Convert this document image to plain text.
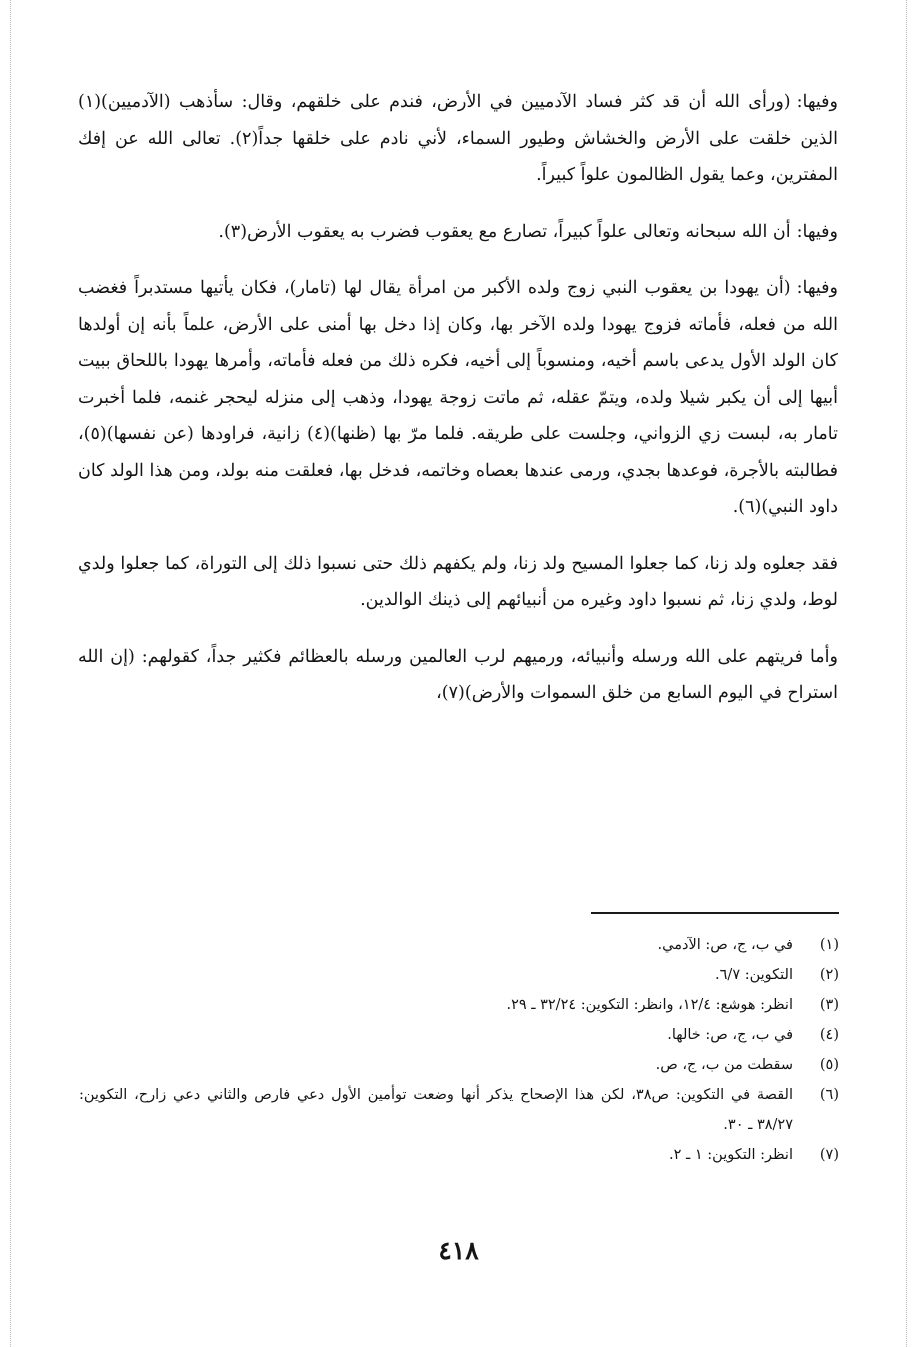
وفيها:(ورأى الله أن قد كثر فساد الآدميين في الأرض، فندم على خلقهم، وقال: سأذهب (الآدميين)(١) الذين خلقت على الأرض والخشاش وطيور السماء، لأني نادم على خلقها جداً(٢). تعالى الله عن إفك المفترين، وعما يقول الظالمون علواً كبيراً.

وفيها:أن الله سبحانه وتعالى علواً كبيراً، تصارع مع يعقوب فضرب به يعقوب الأرض(٣).

وفيها:(أن يهودا بن يعقوب النبي زوج ولده الأكبر من امرأة يقال لها (تامار)، فكان يأتيها مستدبراً فغضب الله من فعله، فأماته فزوج يهودا ولده الآخر بها، وكان إذا دخل بها أمنى على الأرض، علماً بأنه إن أولدها كان الولد الأول يدعى باسم أخيه، ومنسوباً إلى أخيه، فكره ذلك من فعله فأماته، وأمرها يهودا باللحاق ببيت أبيها إلى أن يكبر شيلا ولده، ويتمّ عقله، ثم ماتت زوجة يهودا، وذهب إلى منزله ليحجر غنمه، فلما أخبرت تامار به، لبست زي الزواني، وجلست على طريقه. فلما مرّ بها (ظنها)(٤) زانية، فراودها (عن نفسها)(٥)، فطالبته بالأجرة، فوعدها بجدي، ورمى عندها بعصاه وخاتمه، فدخل بها، فعلقت منه بولد، ومن هذا الولد كان داود النبي)(٦).

فقد جعلوه ولد زنا، كما جعلوا المسيح ولد زنا، ولم يكفهم ذلك حتى نسبوا ذلك إلى التوراة، كما جعلوا ولدي لوط، ولدي زنا، ثم نسبوا داود وغيره من أنبيائهم إلى ذينك الوالدين.

وأما فريتهم على الله ورسله وأنبيائه، ورميهم لرب العالمين ورسله بالعظائم فكثير جداً، كقولهم: (إن الله استراح في اليوم السابع من خلق السموات والأرض)(٧)،

(١)
في ب، ج، ص: الآدمي.
(٢)
التكوين: ٦/٧.
(٣)
انظر: هوشع: ١٢/٤، وانظر: التكوين: ٣٢/٢٤ ـ ٢٩.
(٤)
في ب، ج، ص: خالها.
(٥)
سقطت من ب، ج، ص.
(٦)
القصة في التكوين: ص٣٨، لكن هذا الإصحاح يذكر أنها وضعت توأمين الأول دعي فارص والثاني دعي زارح، التكوين: ٣٨/٢٧ ـ ٣٠.
(٧)
انظر: التكوين: ١ ـ ٢.
٤١٨
